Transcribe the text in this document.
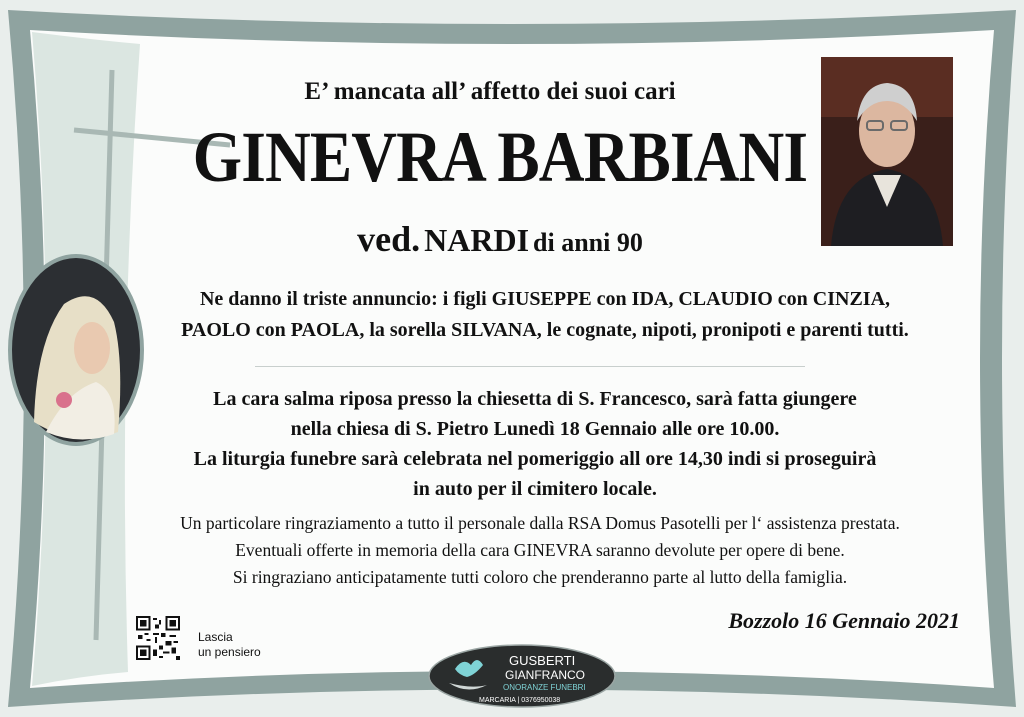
E’ mancata all’ affetto dei suoi cari
GINEVRA BARBIANI
ved. NARDI di anni 90
Ne danno il triste annuncio: i figli GIUSEPPE con IDA, CLAUDIO con CINZIA,
PAOLO con PAOLA, la sorella SILVANA, le cognate, nipoti, pronipoti e parenti tutti.
La cara salma riposa presso la chiesetta di S. Francesco, sarà fatta giungere
nella chiesa di S. Pietro Lunedì 18 Gennaio alle ore 10.00.
La liturgia funebre sarà celebrata nel pomeriggio all ore 14,30 indi si proseguirà
in auto per il cimitero locale.
Un particolare ringraziamento a tutto il personale dalla RSA Domus Pasotelli per l‘ assistenza prestata.
Eventuali offerte in memoria della cara GINEVRA saranno devolute per opere di bene.
Si ringraziano anticipatamente tutti coloro che prenderanno parte al lutto della famiglia.
Bozzolo 16 Gennaio 2021
Lascia
un pensiero
GUSBERTI
GIANFRANCO
ONORANZE FUNEBRI
MARCARIA | 0376950038
